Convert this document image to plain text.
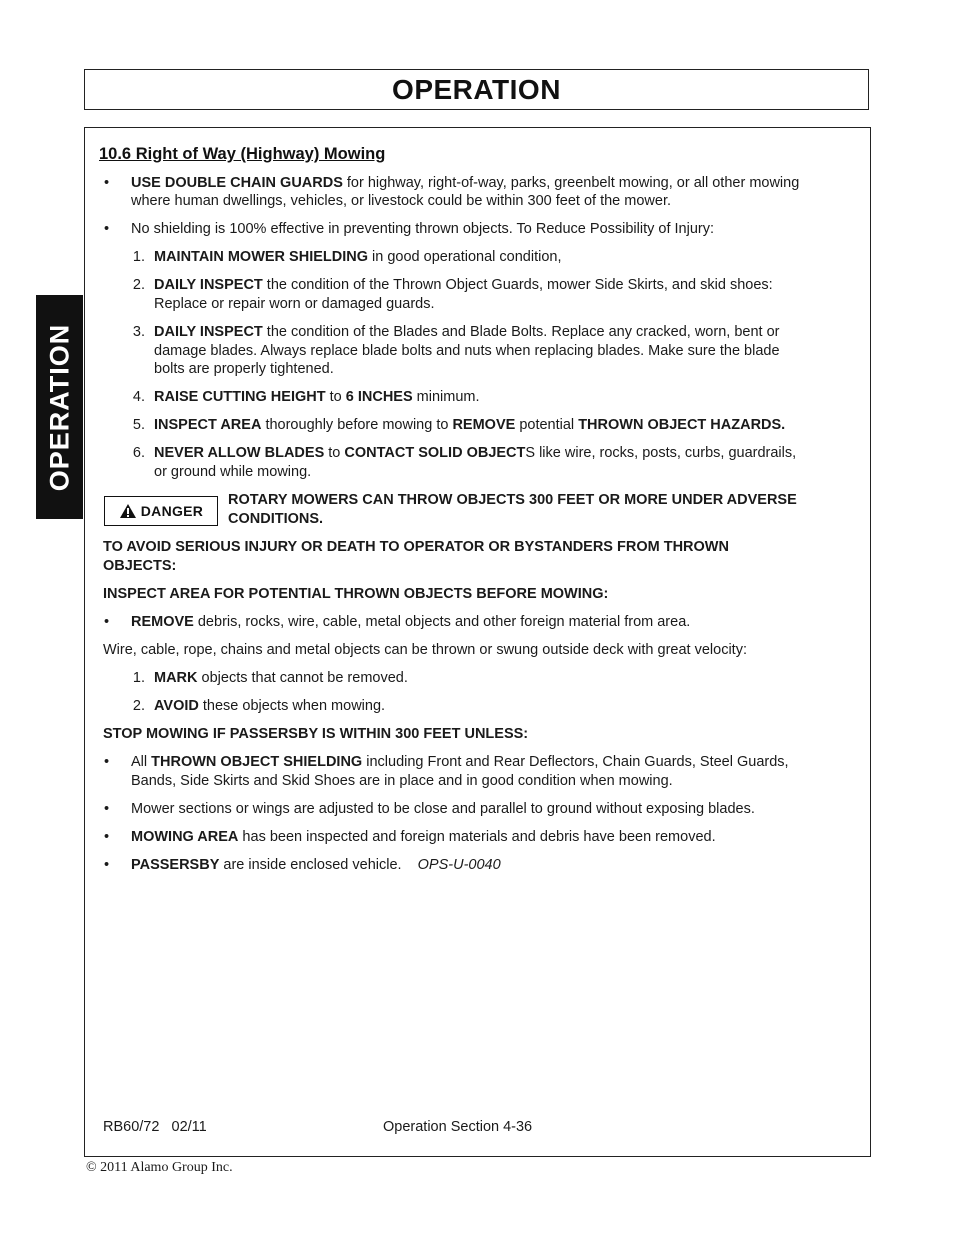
OPERATION
OPERATION
10.6 Right of Way (Highway) Mowing
• USE DOUBLE CHAIN GUARDS for highway, right-of-way, parks, greenbelt mowing, or all other mowing
where human dwellings, vehicles, or livestock could be within 300 feet of the mower.
• No shielding is 100% effective in preventing thrown objects. To Reduce Possibility of Injury:
1. MAINTAIN MOWER SHIELDING in good operational condition,
2. DAILY INSPECT the condition of the Thrown Object Guards, mower Side Skirts, and skid shoes:
Replace or repair worn or damaged guards.
3. DAILY INSPECT the condition of the Blades and Blade Bolts. Replace any cracked, worn, bent or
damage blades. Always replace blade bolts and nuts when replacing blades. Make sure the blade
bolts are properly tightened.
4. RAISE CUTTING HEIGHT to 6 INCHES minimum.
5. INSPECT AREA thoroughly before mowing to REMOVE potential THROWN OBJECT HAZARDS.
6. NEVER ALLOW BLADES to CONTACT SOLID OBJECTS like wire, rocks, posts, curbs, guardrails,
or ground while mowing.
DANGER
ROTARY MOWERS CAN THROW OBJECTS 300 FEET OR MORE UNDER ADVERSE
CONDITIONS.
TO AVOID SERIOUS INJURY OR DEATH TO OPERATOR OR BYSTANDERS FROM THROWN
OBJECTS:
INSPECT AREA FOR POTENTIAL THROWN OBJECTS BEFORE MOWING:
• REMOVE debris, rocks, wire, cable, metal objects and other foreign material from area.
Wire, cable, rope, chains and metal objects can be thrown or swung outside deck with great velocity:
1. MARK objects that cannot be removed.
2. AVOID these objects when mowing.
STOP MOWING IF PASSERSBY IS WITHIN 300 FEET UNLESS:
• All THROWN OBJECT SHIELDING including Front and Rear Deflectors, Chain Guards, Steel Guards,
Bands, Side Skirts and Skid Shoes are in place and in good condition when mowing.
• Mower sections or wings are adjusted to be close and parallel to ground without exposing blades.
• MOWING AREA has been inspected and foreign materials and debris have been removed.
• PASSERSBY are inside enclosed vehicle.    OPS-U-0040
RB60/72   02/11	Operation Section 4-36
© 2011 Alamo Group Inc.
